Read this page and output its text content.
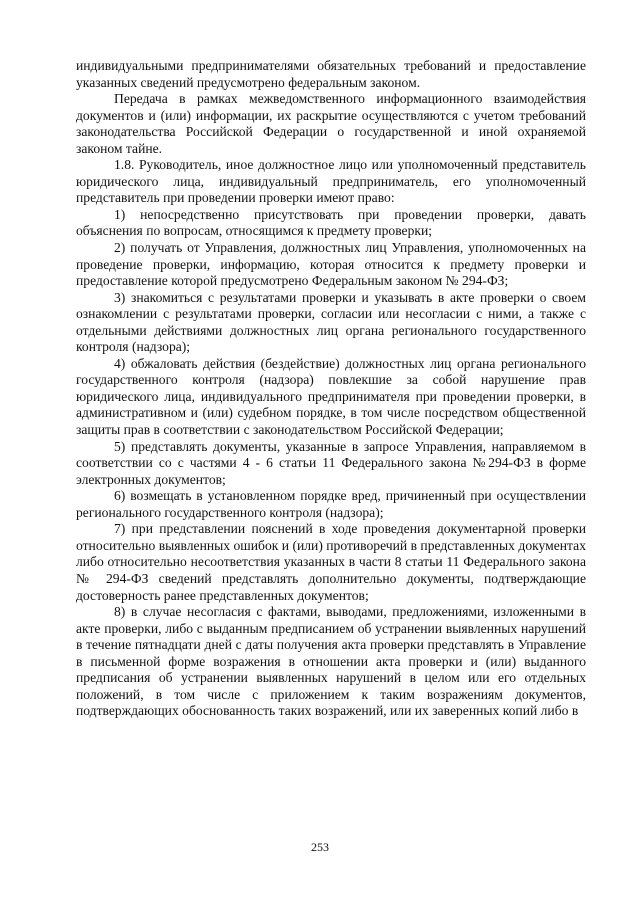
индивидуальными предпринимателями обязательных требований и предоставление указанных сведений предусмотрено федеральным законом.

Передача в рамках межведомственного информационного взаимодействия документов и (или) информации, их раскрытие осуществляются с учетом требований законодательства Российской Федерации о государственной и иной охраняемой законом тайне.

1.8. Руководитель, иное должностное лицо или уполномоченный представитель юридического лица, индивидуальный предприниматель, его уполномоченный представитель при проведении проверки имеют право:

1) непосредственно присутствовать при проведении проверки, давать объяснения по вопросам, относящимся к предмету проверки;

2) получать от Управления, должностных лиц Управления, уполномоченных на проведение проверки, информацию, которая относится к предмету проверки и предоставление которой предусмотрено Федеральным законом № 294-ФЗ;

3) знакомиться с результатами проверки и указывать в акте проверки о своем ознакомлении с результатами проверки, согласии или несогласии с ними, а также с отдельными действиями должностных лиц органа регионального государственного контроля (надзора);

4) обжаловать действия (бездействие) должностных лиц органа регионального государственного контроля (надзора) повлекшие за собой нарушение прав юридического лица, индивидуального предпринимателя при проведении проверки, в административном и (или) судебном порядке, в том числе посредством общественной защиты прав в соответствии с законодательством Российской Федерации;

5) представлять документы, указанные в запросе Управления, направляемом в соответствии со с частями 4 - 6 статьи 11 Федерального закона №294-ФЗ в форме электронных документов;

6) возмещать в установленном порядке вред, причиненный при осуществлении регионального государственного контроля (надзора);

7) при представлении пояснений в ходе проведения документарной проверки относительно выявленных ошибок и (или) противоречий в представленных документах либо относительно несоответствия указанных в части 8 статьи 11 Федерального закона № 294-ФЗ сведений представлять дополнительно документы, подтверждающие достоверность ранее представленных документов;

8) в случае несогласия с фактами, выводами, предложениями, изложенными в акте проверки, либо с выданным предписанием об устранении выявленных нарушений в течение пятнадцати дней с даты получения акта проверки представлять в Управление в письменной форме возражения в отношении акта проверки и (или) выданного предписания об устранении выявленных нарушений в целом или его отдельных положений, в том числе с приложением к таким возражениям документов, подтверждающих обоснованность таких возражений, или их заверенных копий либо в

253
